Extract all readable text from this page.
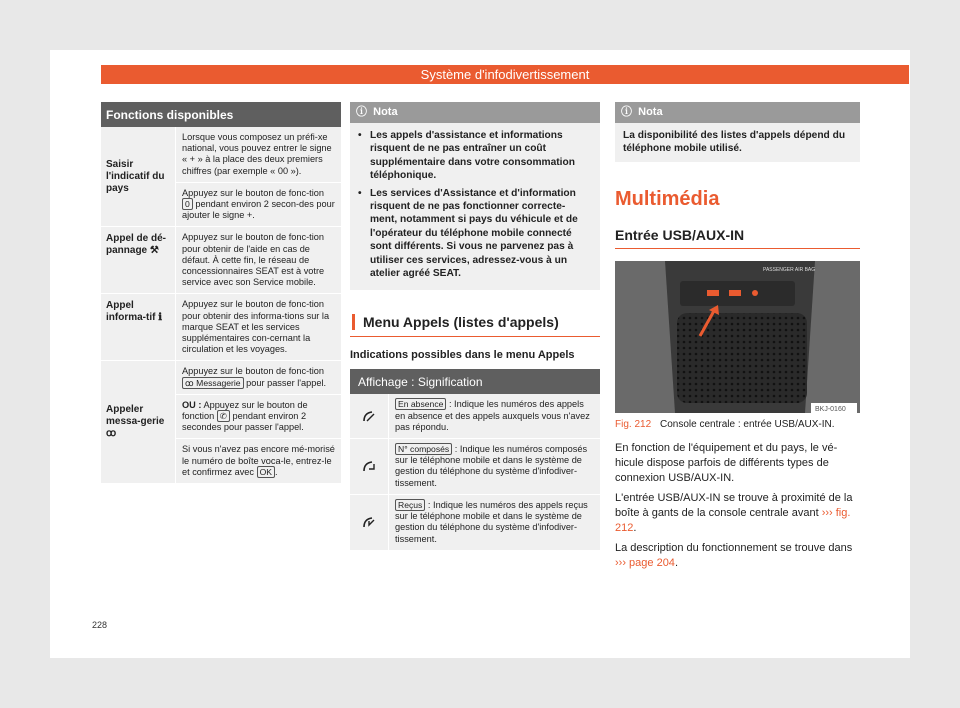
Système d'infodivertissement
Fonctions disponibles
Saisir l'indicatif du pays
Lorsque vous composez un préfi-xe national, vous pouvez entrer le signe « + » à la place des deux premiers chiffres (par exemple « 00 »).
Appuyez sur le bouton de fonc-tion 0 pendant environ 2 secon-des pour ajouter le signe +.
Appel de dé-pannage ⚒
Appuyez sur le bouton de fonc-tion pour obtenir de l'aide en cas de défaut. À cette fin, le réseau de concessionnaires SEAT est à votre service avec son Service mobile.
Appel informa-tif ℹ
Appuyez sur le bouton de fonc-tion pour obtenir des informa-tions sur la marque SEAT et les services supplémentaires con-cernant la circulation et les voyages.
Appeler messa-gerie ꝏ
Appuyez sur le bouton de fonc-tion ꝏ Messagerie pour passer l'appel.
OU : Appuyez sur le bouton de fonction ✆ pendant environ 2 secondes pour passer l'appel.
Si vous n'avez pas encore mé-morisé le numéro de boîte voca-le, entrez-le et confirmez avec OK .
ⓘ Nota
• Les appels d'assistance et informations risquent de ne pas entraîner un coût supplémentaire dans votre consommation téléphonique.
• Les services d'Assistance et d'information risquent de ne pas fonctionner correcte-ment, notamment si pays du véhicule et de l'opérateur du téléphone mobile connecté sont différents. Si vous ne parvenez pas à utiliser ces services, adressez-vous à un atelier agréé SEAT.
Menu Appels (listes d'appels)
Indications possibles dans le menu Appels
Affichage : Signification
En absence : Indique les numéros des appels en absence et des appels auxquels vous n'avez pas répondu.
N° composés : Indique les numéros composés sur le téléphone mobile et dans le système de gestion du téléphone du système d'infodiver-tissement.
Reçus : Indique les numéros des appels reçus sur le téléphone mobile et dans le système de gestion du téléphone du système d'infodiver-tissement.
ⓘ Nota
La disponibilité des listes d'appels dépend du téléphone mobile utilisé.
Multimédia
Entrée USB/AUX-IN
PASSENGER AIR BAG
BKJ-0160
Fig. 212 Console centrale : entrée USB/AUX-IN.
En fonction de l'équipement et du pays, le vé-hicule dispose parfois de différents types de connexion USB/AUX-IN.
L'entrée USB/AUX-IN se trouve à proximité de la boîte à gants de la console centrale avant ››› fig. 212.
La description du fonctionnement se trouve dans ››› page 204.
228
